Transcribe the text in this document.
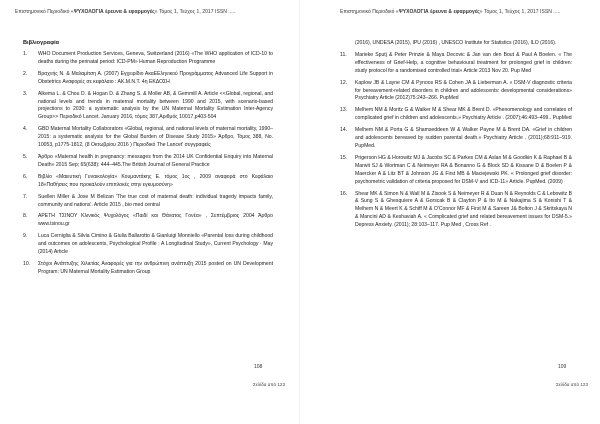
Επιστημονικό Περιοδικό «ΨΥΧΟΛΟΓΙΑ έρευνα & εφαρμογές» Τόμος 1, Τεύχος 1, 2017 ISSN .....
Βιβλιογραφία
1. WHO Document Production Services, Geneva, Switzerland (2016) «The WHO application of ICD-10 to deaths during the perinatal period: ICD-PM» Human Reproduction Programme
2. Βραχνής Ν. & Μαλαμίτση Α. (2007) Εγχειρίδιο ΑκαΕΕληνικού Προγράμματος Advanced Life Support in Obstetrics Αναφορές σε κεφάλαιο : ΑΚ.Μ.Ν.Τ. 4η ΕΚΔΟΣΗ
3. Alkema L. & Chou D. & Hogan D. & Zhang S. & Moller AB, & Gemmill A. Article <<Global, regional, and national levels and trends in maternal mortality between 1990 and 2015, with scenario-based projections to 2030: a systematic analysis by the UN Maternal Mortality Estimation Inter-Agency Group>> Περιοδικό Lancet. January 2016, τόμος 387,Αριθμός 10017,p403-504
4. GBD Maternal Mortality Collaborators «Global, regional, and national levels of maternal mortality, 1990–2015: a systematic analysis for the Global Burden of Disease Study 2015» Άρθρο, Τόμος 388, No. 10053, p1775-1812, (8 Οκτωβρίου 2016 ) Περιοδικό The Lancet' συγγραφείς
5. Άρθρο «Maternal health in pregnancy: messages from the 2014 UK Confidential Enquiry into Maternal Death» 2015 Sep; 65(638): 444–445.The British Journal of General Practice
6. Βιβλίο «Μαιευτική Γυναικολογία» Κουμαντάκης Ε. τόμος 1ος , 2009 αναφορά στο Κεφάλαιο 18«Παθήσεις που προκαλούν επιπλοκές στην εγκυμοσύνη»
7. Suellen Miller & Jose M Belizan 'The true cost of maternal death: individual tragedy impacts family, community and nations'. Article 2015 , bio med central
8. ΑΡΕΤΗ ΤΣΙΝΟΥ Κλινικός Ψυχολόγος «Παιδί και Θάνατος Γονέα» , Σεπτέμβριος 2004 Άρθρο www.tsinou.gr
9. Luca Cerniglia & Silvia Cimino & Giulia Ballarotto & Gianluigi Monniello «Parental loss during childhood and outcomes on adolescents, Psychological Profile : A Longitudinal Study», Current Psychology · May (2014) Article
10. Στόχοι Ανάπτυξης Χιλιετίας Αναφορές για την ανθρώπινη ανάπτυξη 2015 posted on UN Development Program: UN Maternal Mortality Estimation Group
108
Σελίδα από 123
Επιστημονικό Περιοδικό «ΨΥΧΟΛΟΓΙΑ έρευνα & εφαρμογές» Τόμος 1, Τεύχος 1, 2017 ISSN .....
(2016), UNDESA (2015), IPU (2016) , UNESCO Institute for Statistics (2016), ILO (2016).
11. Marieke Sputj & Peter Prinzie & Maya Deсovic & Jan van den Bout & Paul A Boelen. « The effectiveness of Grief-Help, a cognitive behavioural treatment for prolonged grief in children: study protocol for a randomised controlled trial» Article 2013 Nov 20. Pup Med
12. Kaplow JB & Layne CM & Pynoos RS & Cohen JA & Lieberman A. « DSM-V diagnostic criteria for bereavement-related disorders in children and adolescents: developmental considerations» Psychiatry Article (2012)75:243–266. PupMed
13. Melhem NM & Moritz G & Walker M & Shear MK & Brent D. «Phenomenology and correlates of complicated grief in children and adolescents.» Psychiatry Article . (2007);46:493–499.. PupMed
14. Melhem NM & Porta G & Shamseddeen W & Walker Payne M & Brent DA. «Grief in children and adolescents bereaved by sudden parental death.» Psychiatry Article . (2011);68:911–919. PupMed.
15. Prigerson HG & Horowitz MJ & Jacobs SC & Parkes CM & Aslan M & Goodkin K & Raphael B & Marwit SJ & Wortman C & Neimeyer RA & Bonanno G & Block SD & Kissane D & Boelen P & Maercker A & Litz BT & Johnson JG & First MB & Maciejewski PK. « Prolonged grief disorder: psychometric validation of criteria proposed for DSM-V and ICD-11» Article. PupMed. (2009)
16. Shear MK & Simon N & Wall M & Zisook S & Neimeyer R & Duan N & Reynolds C & Lebowitz B & Sung S & Ghesquiere A & Gorscak B & Clayton P & Ito M & Nakajima S & Konishi T & Melhem N & Meert K & Schiff M & O'Connor MF & First M & Sareen J& Bolton J & Skritskaya N & Mancini AD & Keshaviah A. « Complicated grief and related bereavement issues for DSM-5.» Depress Anxiety. (2011); 28:103–117. Pup Med , Cross Ref .
109
Σελίδα από 123
